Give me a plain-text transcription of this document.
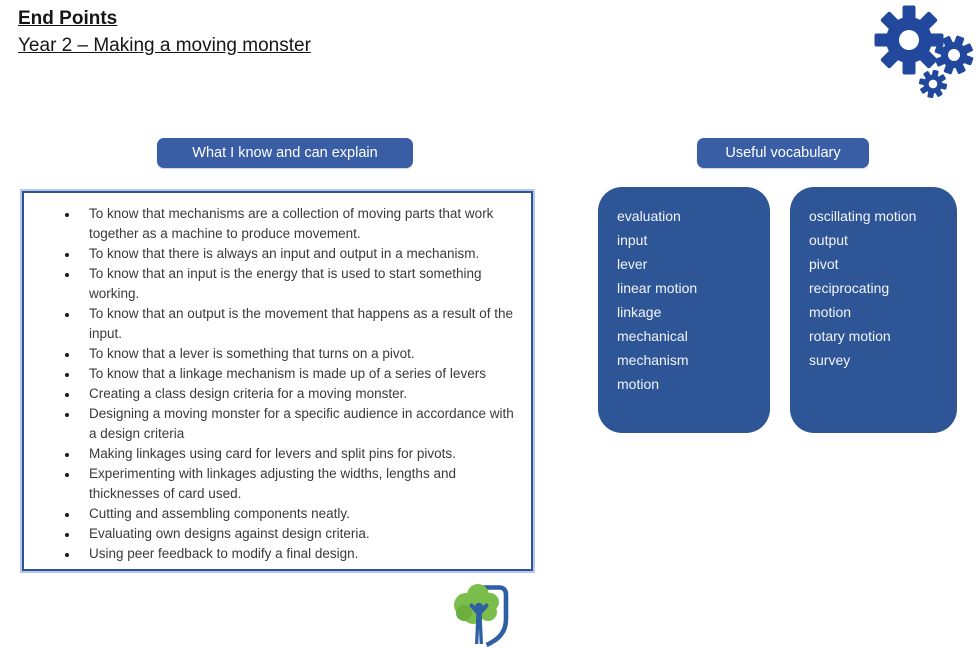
End Points
Year 2 – Making a moving monster
What I know and can explain	Useful vocabulary
• To know that mechanisms are a collection of moving parts that work together as a machine to produce movement.
• To know that there is always an input and output in a mechanism.
• To know that an input is the energy that is used to start something working.
• To know that an output is the movement that happens as a result of the input.
• To know that a lever is something that turns on a pivot.
• To know that a linkage mechanism is made up of a series of levers
• Creating a class design criteria for a moving monster.
• Designing a moving monster for a specific audience in accordance with a design criteria
• Making linkages using card for levers and split pins for pivots.
• Experimenting with linkages adjusting the widths, lengths and thicknesses of card used.
• Cutting and assembling components neatly.
• Evaluating own designs against design criteria.
• Using peer feedback to modify a final design.
evaluation
input
lever
linear motion
linkage
mechanical
mechanism
motion
oscillating motion
output
pivot
reciprocating
motion
rotary motion
survey
